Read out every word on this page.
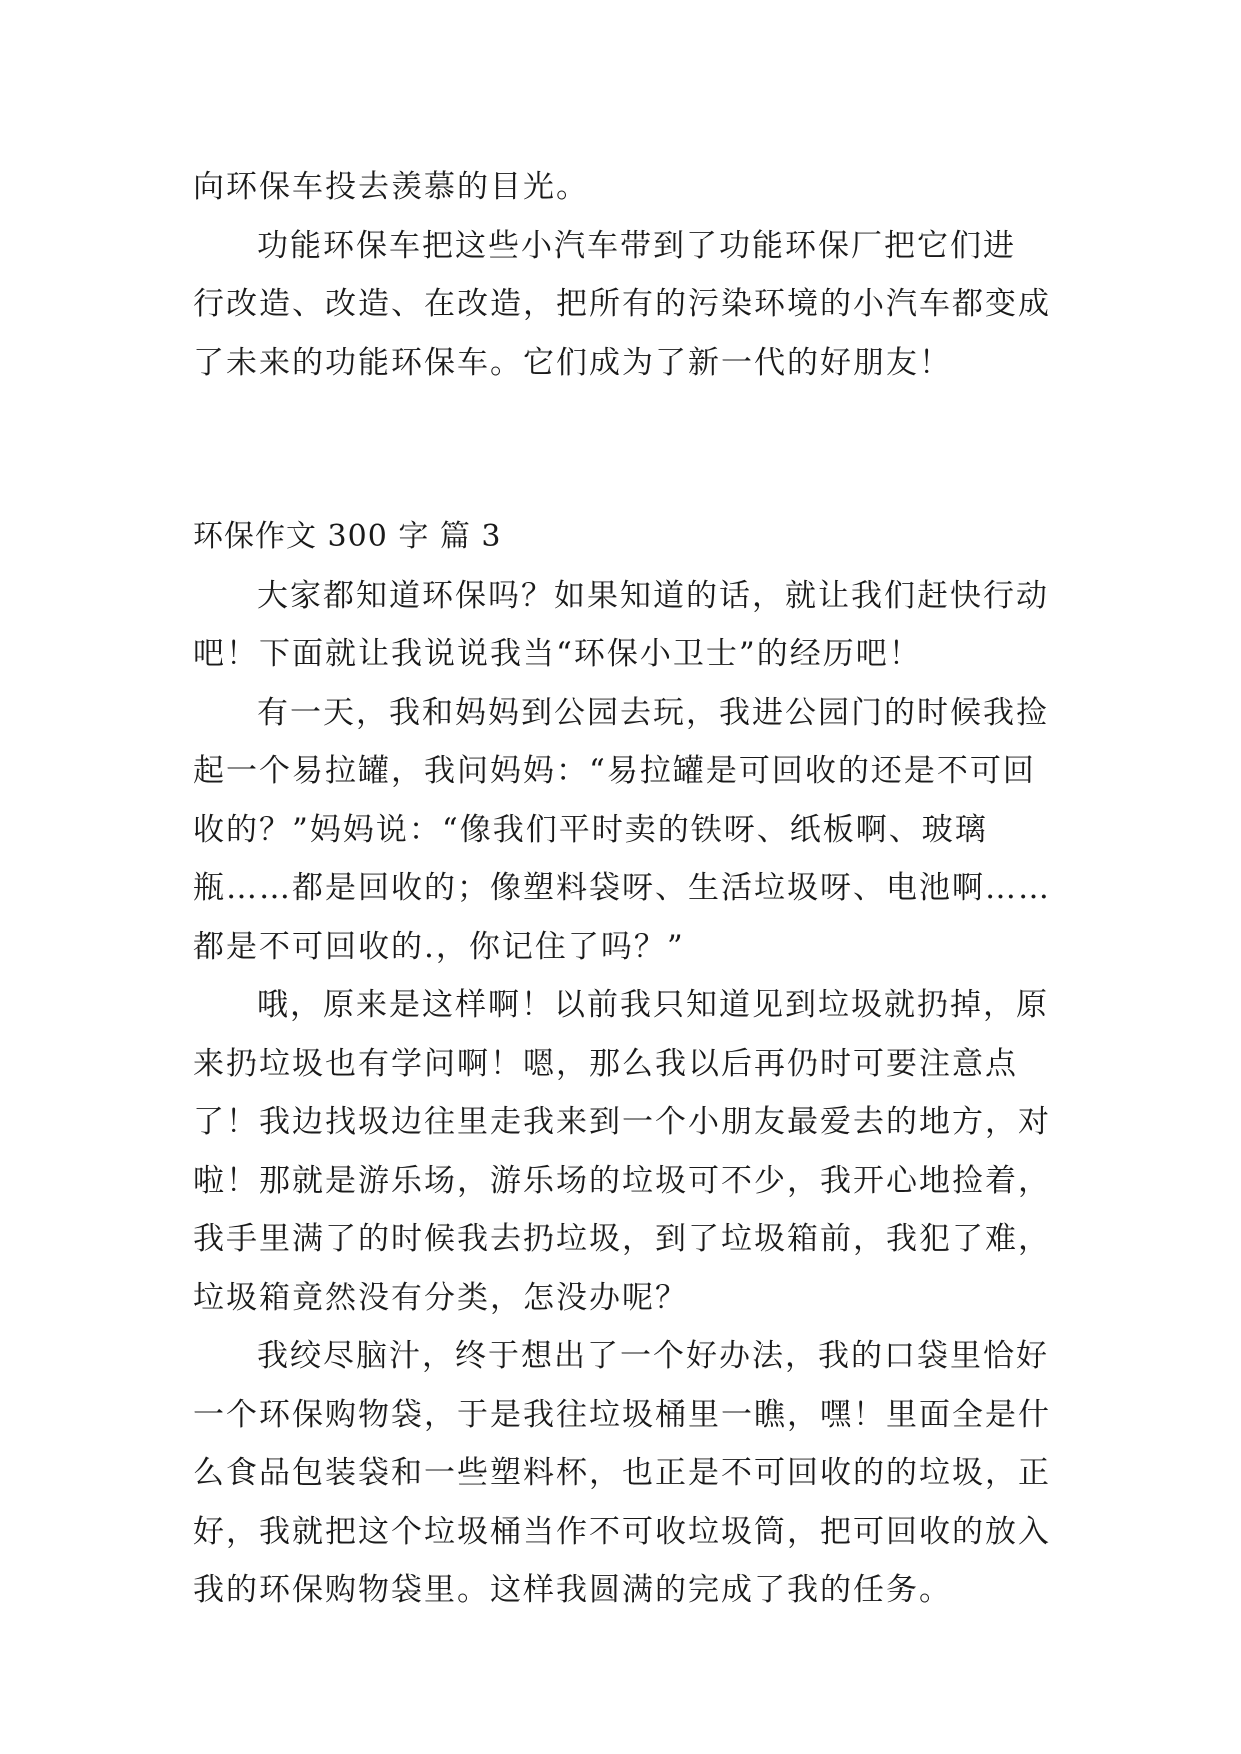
向环保车投去羡慕的目光。
功能环保车把这些小汽车带到了功能环保厂把它们进
行改造、改造、在改造，把所有的污染环境的小汽车都变成
了未来的功能环保车。它们成为了新一代的好朋友！
环保作文 300 字 篇 3
大家都知道环保吗？如果知道的话，就让我们赶快行动
吧！下面就让我说说我当“环保小卫士”的经历吧！
有一天，我和妈妈到公园去玩，我进公园门的时候我捡
起一个易拉罐，我问妈妈：“易拉罐是可回收的还是不可回
收的？”妈妈说：“像我们平时卖的铁呀、纸板啊、玻璃
瓶……都是回收的；像塑料袋呀、生活垃圾呀、电池啊……
都是不可回收的.，你记住了吗？”
哦，原来是这样啊！以前我只知道见到垃圾就扔掉，原
来扔垃圾也有学问啊！嗯，那么我以后再仍时可要注意点
了！我边找圾边往里走我来到一个小朋友最爱去的地方，对
啦！那就是游乐场，游乐场的垃圾可不少，我开心地捡着，
我手里满了的时候我去扔垃圾，到了垃圾箱前，我犯了难，
垃圾箱竟然没有分类，怎没办呢？
我绞尽脑汁，终于想出了一个好办法，我的口袋里恰好
一个环保购物袋，于是我往垃圾桶里一瞧，嘿！里面全是什
么食品包装袋和一些塑料杯，也正是不可回收的的垃圾，正
好，我就把这个垃圾桶当作不可收垃圾筒，把可回收的放入
我的环保购物袋里。这样我圆满的完成了我的任务。
